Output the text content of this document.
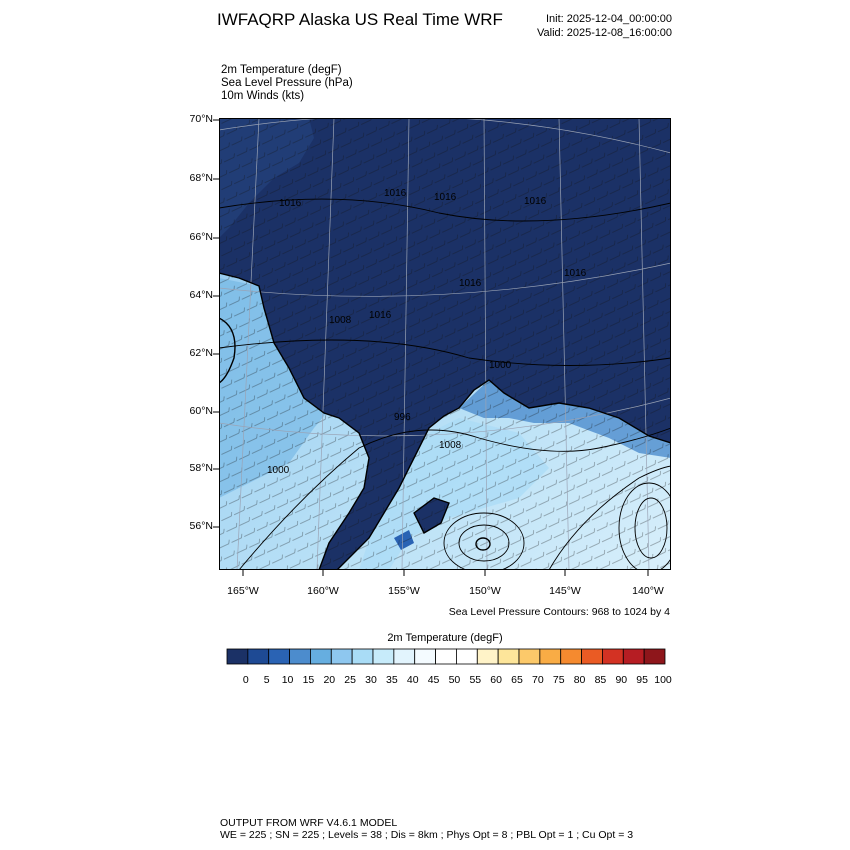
IWFAQRP Alaska US Real Time WRF	Init: 2025-12-04_00:00:00
Valid: 2025-12-08_16:00:00
2m Temperature (degF)
Sea Level Pressure (hPa)
10m Winds (kts)
1016
1016	1016	1016
1016
1016
1008 1016
1000
996
1008
1000
70°N
68°N
66°N
64°N
62°N
60°N
58°N
56°N
165°W	160°W	155°W	150°W	145°W	140°W
Sea Level Pressure Contours: 968 to 1024 by 4
2m Temperature (degF)
0	5	10 15 20 25 30 35 40 45 50 55 60 65 70 75 80 85 90 95 100
OUTPUT FROM WRF V4.6.1 MODEL
WE = 225 ; SN = 225 ; Levels = 38 ; Dis = 8km ; Phys Opt = 8 ; PBL Opt = 1 ; Cu Opt = 3
